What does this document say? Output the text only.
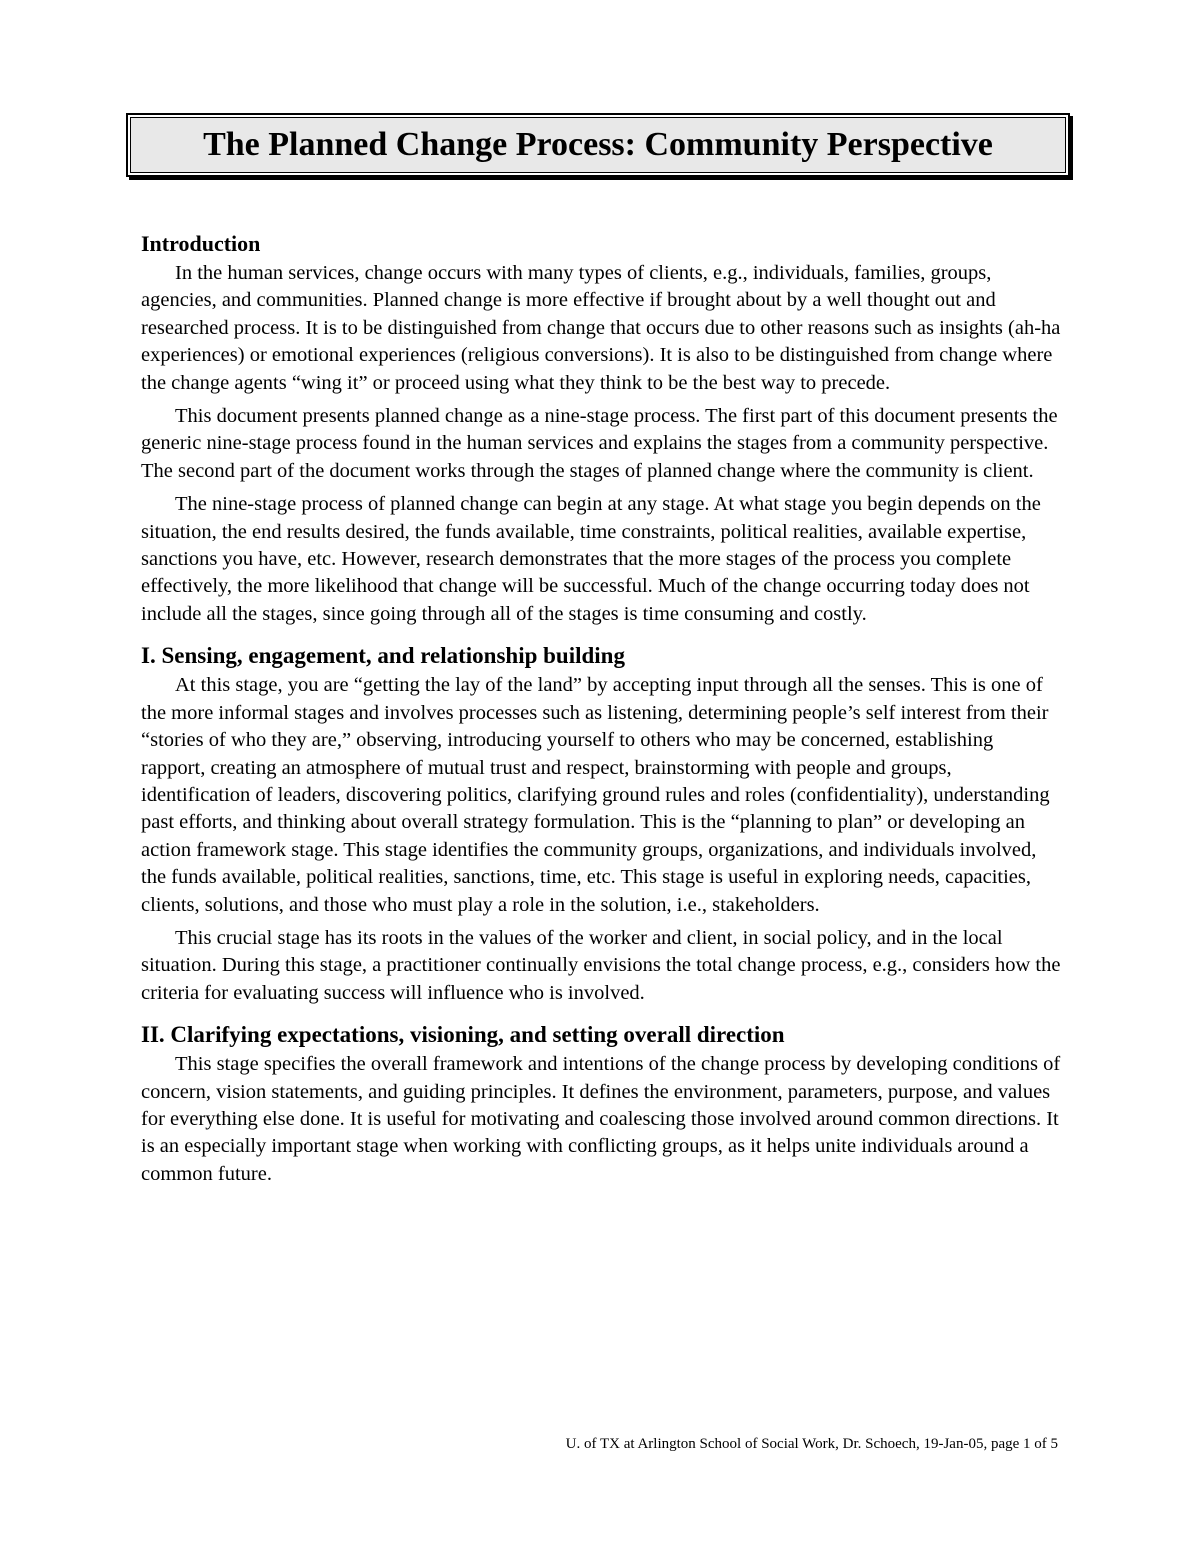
The Planned Change Process: Community Perspective
Introduction

In the human services, change occurs with many types of clients, e.g., individuals, families, groups, agencies, and communities. Planned change is more effective if brought about by a well thought out and researched process. It is to be distinguished from change that occurs due to other reasons such as insights (ah-ha experiences) or emotional experiences (religious conversions). It is also to be distinguished from change where the change agents “wing it” or proceed using what they think to be the best way to precede.

This document presents planned change as a nine-stage process. The first part of this document presents the generic nine-stage process found in the human services and explains the stages from a community perspective. The second part of the document works through the stages of planned change where the community is client.

The nine-stage process of planned change can begin at any stage. At what stage you begin depends on the situation, the end results desired, the funds available, time constraints, political realities, available expertise, sanctions you have, etc. However, research demonstrates that the more stages of the process you complete effectively, the more likelihood that change will be successful. Much of the change occurring today does not include all the stages, since going through all of the stages is time consuming and costly.

I. Sensing, engagement, and relationship building

At this stage, you are “getting the lay of the land” by accepting input through all the senses. This is one of the more informal stages and involves processes such as listening, determining people’s self interest from their “stories of who they are,” observing, introducing yourself to others who may be concerned, establishing rapport, creating an atmosphere of mutual trust and respect, brainstorming with people and groups, identification of leaders, discovering politics, clarifying ground rules and roles (confidentiality), understanding past efforts, and thinking about overall strategy formulation. This is the “planning to plan” or developing an action framework stage. This stage identifies the community groups, organizations, and individuals involved, the funds available, political realities, sanctions, time, etc. This stage is useful in exploring needs, capacities, clients, solutions, and those who must play a role in the solution, i.e., stakeholders.

This crucial stage has its roots in the values of the worker and client, in social policy, and in the local situation. During this stage, a practitioner continually envisions the total change process, e.g., considers how the criteria for evaluating success will influence who is involved.

II. Clarifying expectations, visioning, and setting overall direction

This stage specifies the overall framework and intentions of the change process by developing conditions of concern, vision statements, and guiding principles. It defines the environment, parameters, purpose, and values for everything else done. It is useful for motivating and coalescing those involved around common directions. It is an especially important stage when working with conflicting groups, as it helps unite individuals around a common future.

U. of TX at Arlington School of Social Work, Dr. Schoech, 19-Jan-05, page 1 of 5
